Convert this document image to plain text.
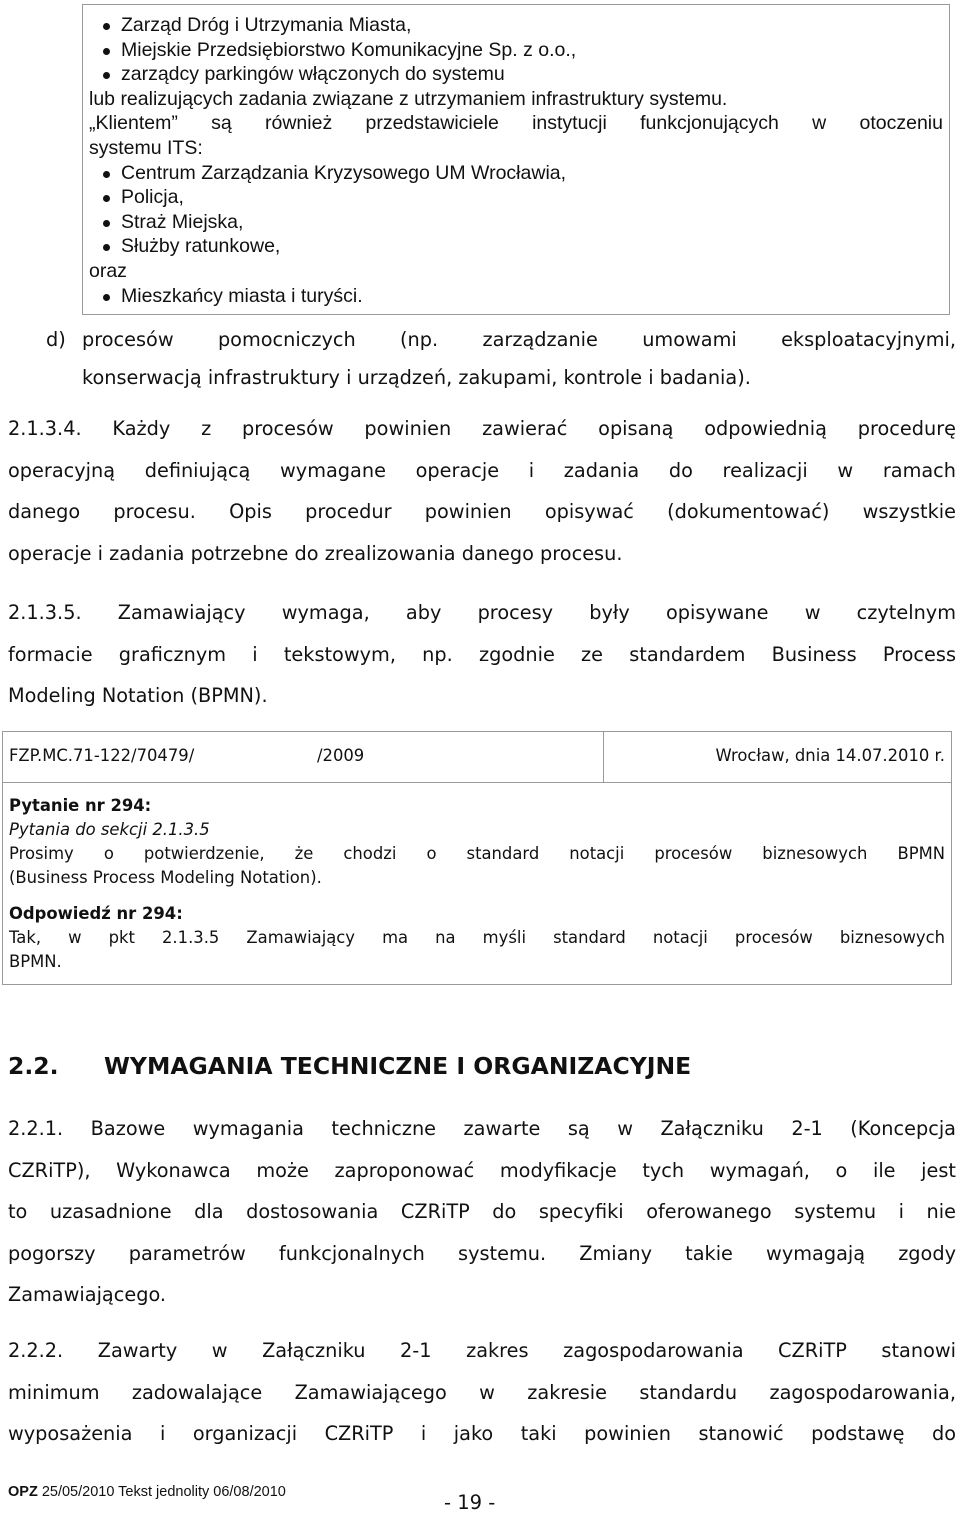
Zarząd Dróg i Utrzymania Miasta,
Miejskie Przedsiębiorstwo Komunikacyjne Sp. z o.o.,
zarządcy parkingów włączonych do systemu
lub realizujących zadania związane z utrzymaniem infrastruktury systemu.
„Klientem” są również przedstawiciele instytucji funkcjonujących w otoczeniu
systemu ITS:
Centrum Zarządzania Kryzysowego UM Wrocławia,
Policja,
Straż Miejska,
Służby ratunkowe,
oraz
Mieszkańcy miasta i turyści.
d) procesów pomocniczych (np. zarządzanie umowami eksploatacyjnymi,
konserwacją infrastruktury i urządzeń, zakupami, kontrole i badania).
2.1.3.4. Każdy z procesów powinien zawierać opisaną odpowiednią procedurę
operacyjną definiującą wymagane operacje i zadania do realizacji w ramach
danego procesu. Opis procedur powinien opisywać (dokumentować) wszystkie
operacje i zadania potrzebne do zrealizowania danego procesu.
2.1.3.5. Zamawiający wymaga, aby procesy były opisywane w czytelnym
formacie graficznym i tekstowym, np. zgodnie ze standardem Business Process
Modeling Notation (BPMN).
FZP.MC.71-122/70479/	/2009	Wrocław, dnia 14.07.2010 r.
Pytanie nr 294:
Pytania do sekcji 2.1.3.5
Prosimy o potwierdzenie, że chodzi o standard notacji procesów biznesowych BPMN
(Business Process Modeling Notation).
Odpowiedź nr 294:
Tak, w pkt 2.1.3.5 Zamawiający ma na myśli standard notacji procesów biznesowych
BPMN.
2.2. WYMAGANIA TECHNICZNE I ORGANIZACYJNE
2.2.1. Bazowe wymagania techniczne zawarte są w Załączniku 2-1 (Koncepcja
CZRiTP), Wykonawca może zaproponować modyfikacje tych wymagań, o ile jest
to uzasadnione dla dostosowania CZRiTP do specyfiki oferowanego systemu i nie
pogorszy parametrów funkcjonalnych systemu. Zmiany takie wymagają zgody
Zamawiającego.
2.2.2. Zawarty w Załączniku 2-1 zakres zagospodarowania CZRiTP stanowi
minimum zadowalające Zamawiającego w zakresie standardu zagospodarowania,
wyposażenia i organizacji CZRiTP i jako taki powinien stanowić podstawę do
OPZ 25/05/2010 Tekst jednolity 06/08/2010	- 19 -
